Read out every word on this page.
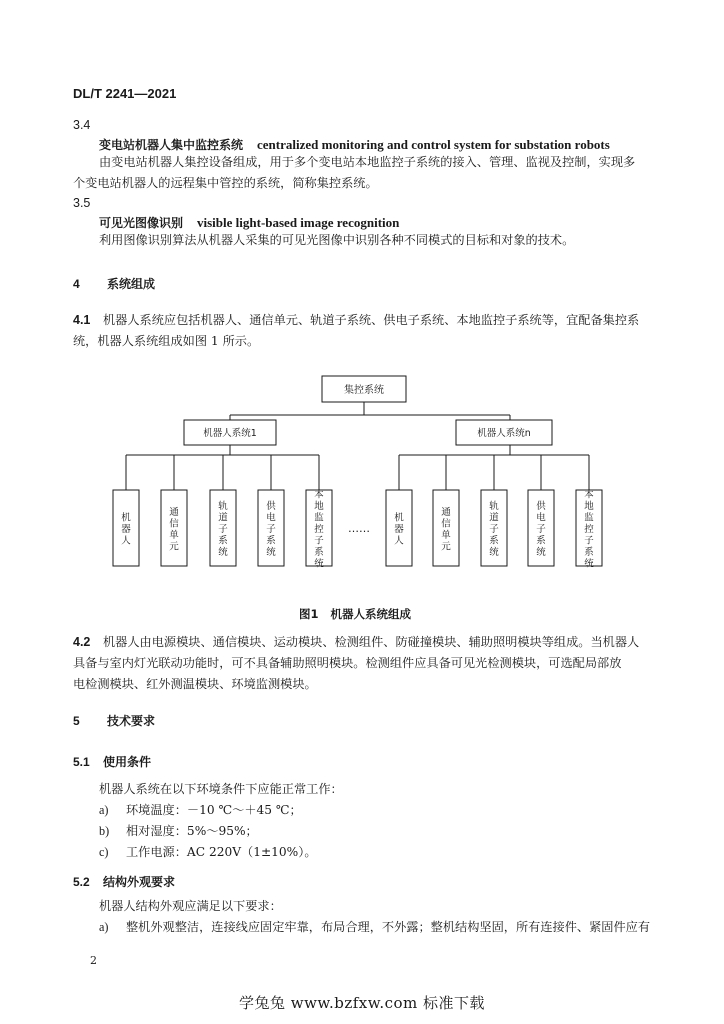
DL/T 2241—2021
3.4
变电站机器人集中监控系统 centralized monitoring and control system for substation robots
由变电站机器人集控设备组成，用于多个变电站本地监控子系统的接入、管理、监视及控制，实现多
个变电站机器人的远程集中管控的系统，简称集控系统。
3.5
可见光图像识别 visible light-based image recognition
利用图像识别算法从机器人采集的可见光图像中识别各种不同模式的目标和对象的技术。
4 系统组成
4.1 机器人系统应包括机器人、通信单元、轨道子系统、供电子系统、本地监控子系统等，宜配备集控系
统，机器人系统组成如图 1 所示。
集控系统
机器人系统1	机器人系统n
……
机器人
通信单元
轨道子系统
供电子系统
本地监控子系统
机器人
通信单元
轨道子系统
供电子系统
本地监控子系统
图1 机器人系统组成
4.2 机器人由电源模块、通信模块、运动模块、检测组件、防碰撞模块、辅助照明模块等组成。当机器人
具备与室内灯光联动功能时，可不具备辅助照明模块。检测组件应具备可见光检测模块，可选配局部放
电检测模块、红外测温模块、环境监测模块。
5 技术要求
5.1 使用条件
机器人系统在以下环境条件下应能正常工作：
a) 环境温度：－10 ℃～＋45 ℃；
b) 相对湿度：5%～95%；
c) 工作电源：AC 220V（1±10%）。
5.2 结构外观要求
机器人结构外观应满足以下要求：
a) 整机外观整洁，连接线应固定牢靠，布局合理，不外露；整机结构坚固，所有连接件、紧固件应有
2
学兔兔 www.bzfxw.com 标准下载
